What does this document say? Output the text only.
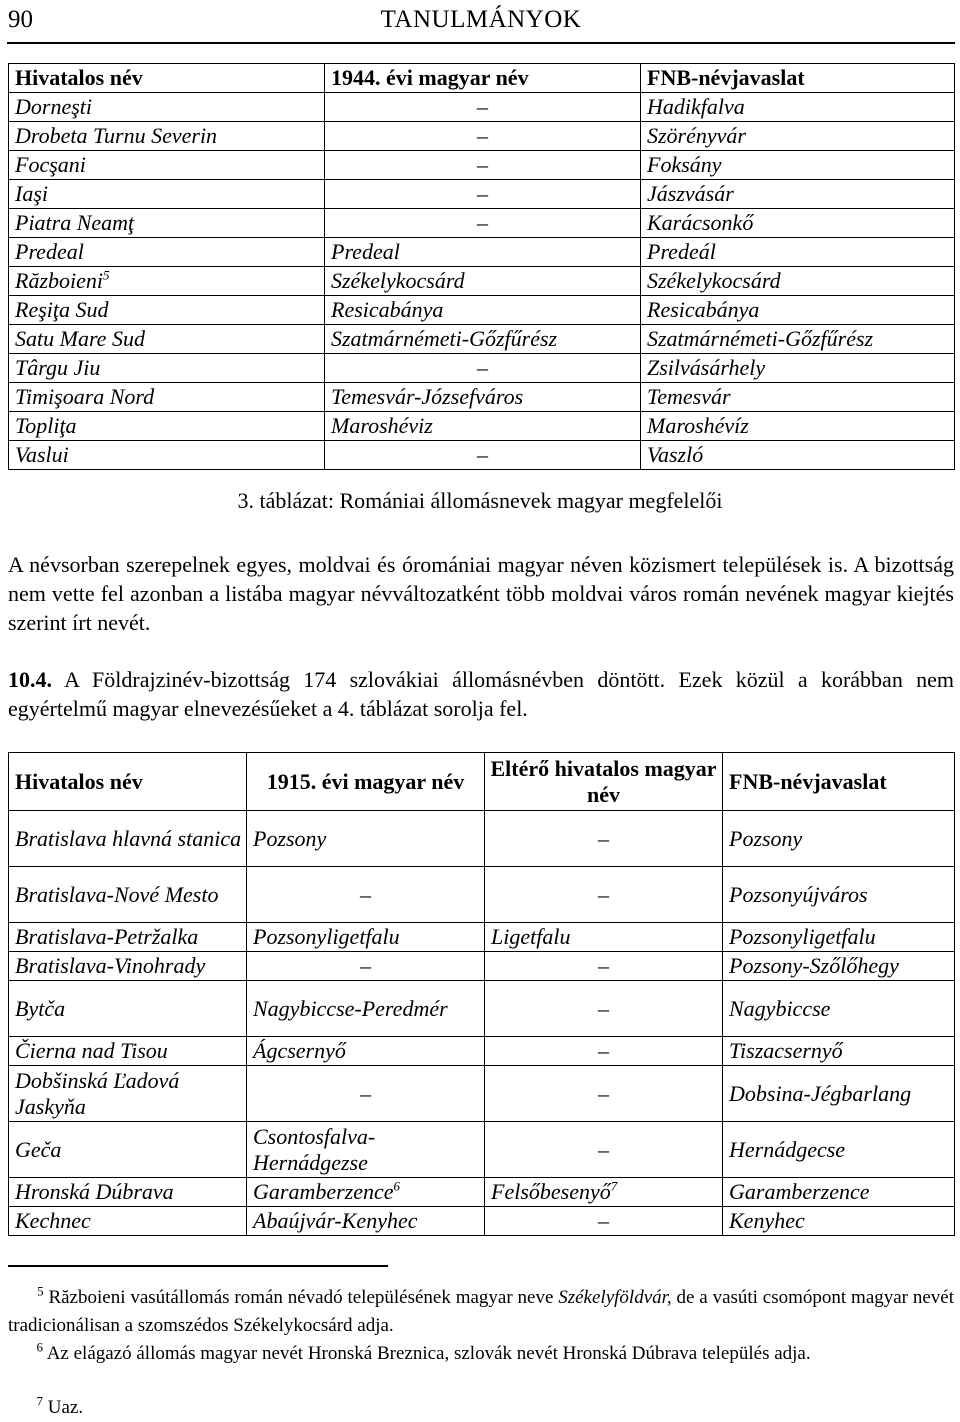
90	TANULMÁNYOK
Hivatalos név	1944. évi magyar név	FNB-névjavaslat
Dorneşti	–	Hadikfalva
Drobeta Turnu Severin	–	Szörényvár
Focşani	–	Foksány
Iaşi	–	Jászvásár
Piatra Neamţ	–	Karácsonkő
Predeal	Predeal	Predeál
Războieni$^5$	Székelykocsárd	Székelykocsárd
Reşiţa Sud	Resicabánya	Resicabánya
Satu Mare Sud	Szatmárnémeti-Gőzfűrész	Szatmárnémeti-Gőzfűrész
Târgu Jiu	–	Zsilvásárhely
Timişoara Nord	Temesvár-Józsefváros	Temesvár
Topliţa	Maroshéviz	Maroshévíz
Vaslui	–	Vaszló
3. táblázat: Romániai állomásnevek magyar megfelelői
A névsorban szerepelnek egyes, moldvai és óromániai magyar néven közismert települések is. A bizottság nem vette fel azonban a listába magyar névváltozatként több moldvai város román nevének magyar kiejtés szerint írt nevét.
10.4. A Földrajzinév-bizottság 174 szlovákiai állomásnévben döntött. Ezek közül a korábban nem egyértelmű magyar elnevezésűeket a 4. táblázat sorolja fel.
Hivatalos név	1915. évi magyar név	Eltérő hivatalos magyar név	FNB-névjavaslat
Bratislava hlavná stanica	Pozsony	–	Pozsony
Bratislava-Nové Mesto	–	–	Pozsonyújváros
Bratislava-Petržalka	Pozsonyligetfalu	Ligetfalu	Pozsonyligetfalu
Bratislava-Vinohrady	–	–	Pozsony-Szőlőhegy
Bytča	Nagybiccse-Peredmér	–	Nagybiccse
Čierna nad Tisou	Ágcsernyő	–	Tiszacsernyő
Dobšinská Ľadová Jaskyňa	–	–	Dobsina-Jégbarlang
Geča	Csontosfalva-Hernádgezse	–	Hernádgecse
Hronská Dúbrava	Garamberzence$^6$	Felsőbesenyő$^7$	Garamberzence
Kechnec	Abaújvár-Kenyhec	–	Kenyhec
$^5$ Războieni vasútállomás román névadó településének magyar neve Székelyföldvár, de a vasúti csomópont magyar nevét tradicionálisan a szomszédos Székelykocsárd adja.
$^6$ Az elágazó állomás magyar nevét Hronská Breznica, szlovák nevét Hronská Dúbrava település adja.
$^7$ Uaz.
